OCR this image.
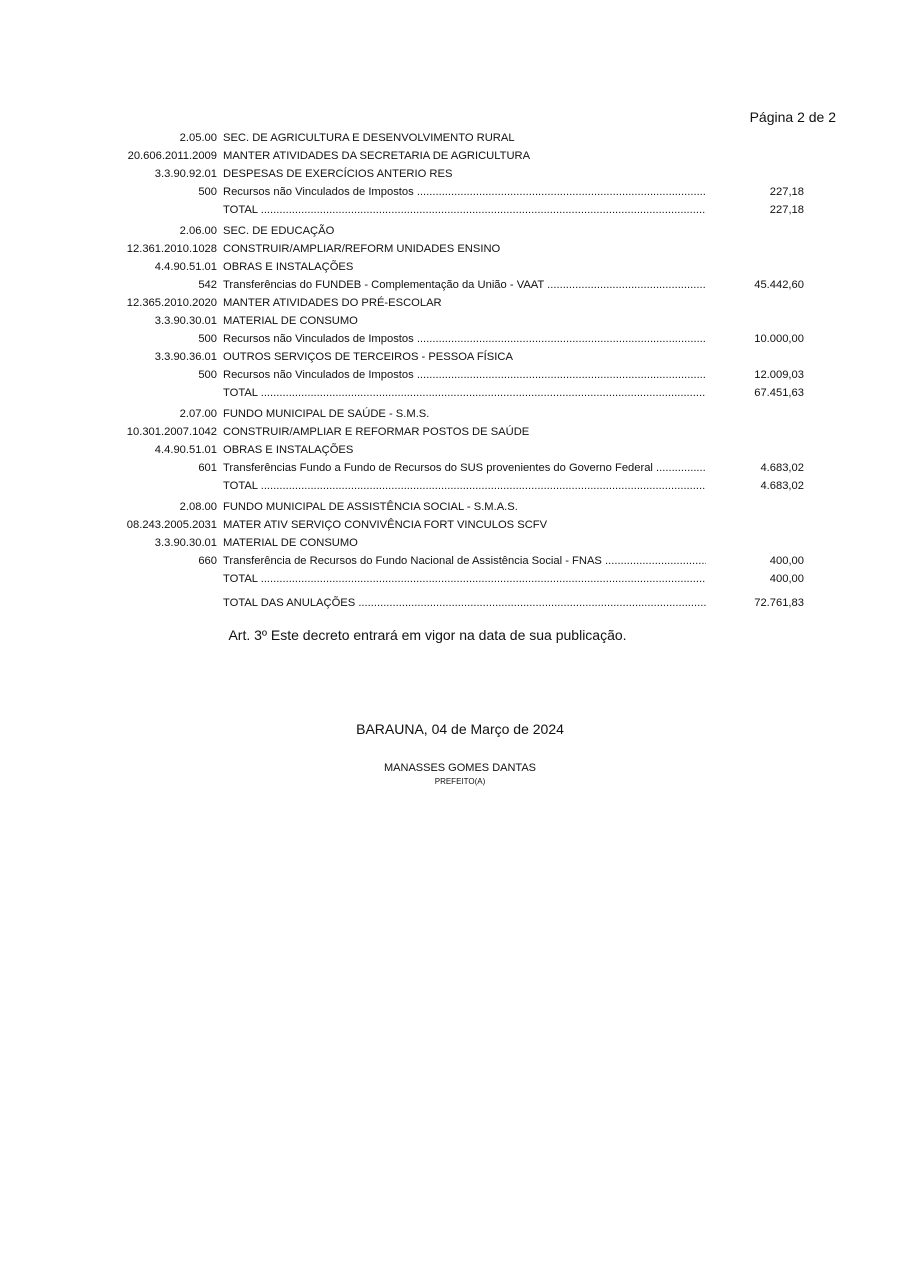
Página 2 de 2
2.05.00 SEC. DE AGRICULTURA E DESENVOLVIMENTO RURAL
20.606.2011.2009 MANTER ATIVIDADES DA SECRETARIA DE AGRICULTURA
3.3.90.92.01 DESPESAS DE EXERCÍCIOS ANTERIO RES
500 Recursos não Vinculados de Impostos .....	227,18
TOTAL .....	227,18
2.06.00 SEC. DE EDUCAÇÃO
12.361.2010.1028 CONSTRUIR/AMPLIAR/REFORM UNIDADES ENSINO
4.4.90.51.01 OBRAS E INSTALAÇÕES
542 Transferências do FUNDEB - Complementação da União - VAAT .....	45.442,60
12.365.2010.2020 MANTER ATIVIDADES DO PRÉ-ESCOLAR
3.3.90.30.01 MATERIAL DE CONSUMO
500 Recursos não Vinculados de Impostos .....	10.000,00
3.3.90.36.01 OUTROS SERVIÇOS DE TERCEIROS - PESSOA FÍSICA
500 Recursos não Vinculados de Impostos .....	12.009,03
TOTAL .....	67.451,63
2.07.00 FUNDO MUNICIPAL DE SAÚDE - S.M.S.
10.301.2007.1042 CONSTRUIR/AMPLIAR E REFORMAR POSTOS DE SAÚDE
4.4.90.51.01 OBRAS E INSTALAÇÕES
601 Transferências Fundo a Fundo de Recursos do SUS provenientes do Governo Federal .....	4.683,02
TOTAL .....	4.683,02
2.08.00 FUNDO MUNICIPAL DE ASSISTÊNCIA SOCIAL - S.M.A.S.
08.243.2005.2031 MATER ATIV SERVIÇO CONVIVÊNCIA FORT VINCULOS SCFV
3.3.90.30.01 MATERIAL DE CONSUMO
660 Transferência de Recursos do Fundo Nacional de Assistência Social - FNAS .....	400,00
TOTAL .....	400,00
TOTAL DAS ANULAÇÕES .....	72.761,83
Art. 3º Este decreto entrará em vigor na data de sua publicação.
BARAUNA, 04 de Março de 2024
MANASSES GOMES DANTAS
PREFEITO(A)
